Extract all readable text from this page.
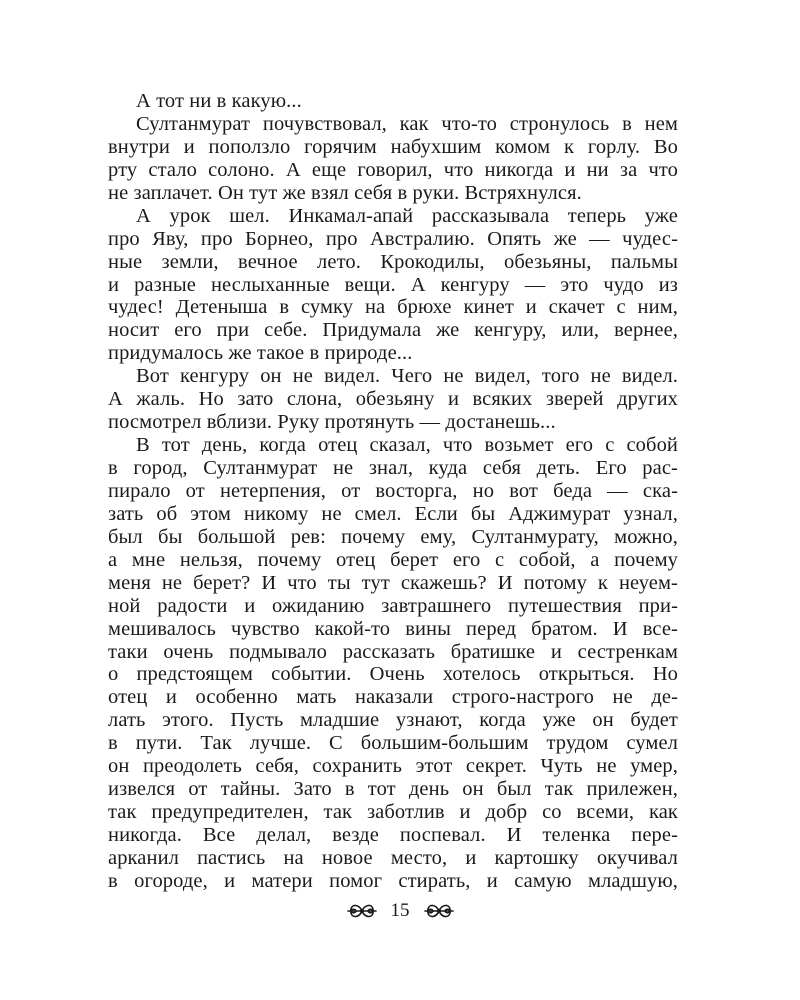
А тот ни в какую...
Султанмурат почувствовал, как что-то стронулось в нем
внутри и поползло горячим набухшим комом к горлу. Во
рту стало солоно. А еще говорил, что никогда и ни за что
не заплачет. Он тут же взял себя в руки. Встряхнулся.
А урок шел. Инкамал-апай рассказывала теперь уже
про Яву, про Борнео, про Австралию. Опять же — чудес-
ные земли, вечное лето. Крокодилы, обезьяны, пальмы
и разные неслыханные вещи. А кенгуру — это чудо из
чудес! Детеныша в сумку на брюхе кинет и скачет с ним,
носит его при себе. Придумала же кенгуру, или, вернее,
придумалось же такое в природе...
Вот кенгуру он не видел. Чего не видел, того не видел.
А жаль. Но зато слона, обезьяну и всяких зверей других
посмотрел вблизи. Руку протянуть — достанешь...
В тот день, когда отец сказал, что возьмет его с собой
в город, Султанмурат не знал, куда себя деть. Его рас-
пирало от нетерпения, от восторга, но вот беда — ска-
зать об этом никому не смел. Если бы Аджимурат узнал,
был бы большой рев: почему ему, Султанмурату, можно,
а мне нельзя, почему отец берет его с собой, а почему
меня не берет? И что ты тут скажешь? И потому к неуем-
ной радости и ожиданию завтрашнего путешествия при-
мешивалось чувство какой-то вины перед братом. И все-
таки очень подмывало рассказать братишке и сестренкам
о предстоящем событии. Очень хотелось открыться. Но
отец и особенно мать наказали строго-настрого не де-
лать этого. Пусть младшие узнают, когда уже он будет
в пути. Так лучше. С большим-большим трудом сумел
он преодолеть себя, сохранить этот секрет. Чуть не умер,
извелся от тайны. Зато в тот день он был так прилежен,
так предупредителен, так заботлив и добр со всеми, как
никогда. Все делал, везде поспевал. И теленка пере-
арканил пастись на новое место, и картошку окучивал
в огороде, и матери помог стирать, и самую младшую,
15
